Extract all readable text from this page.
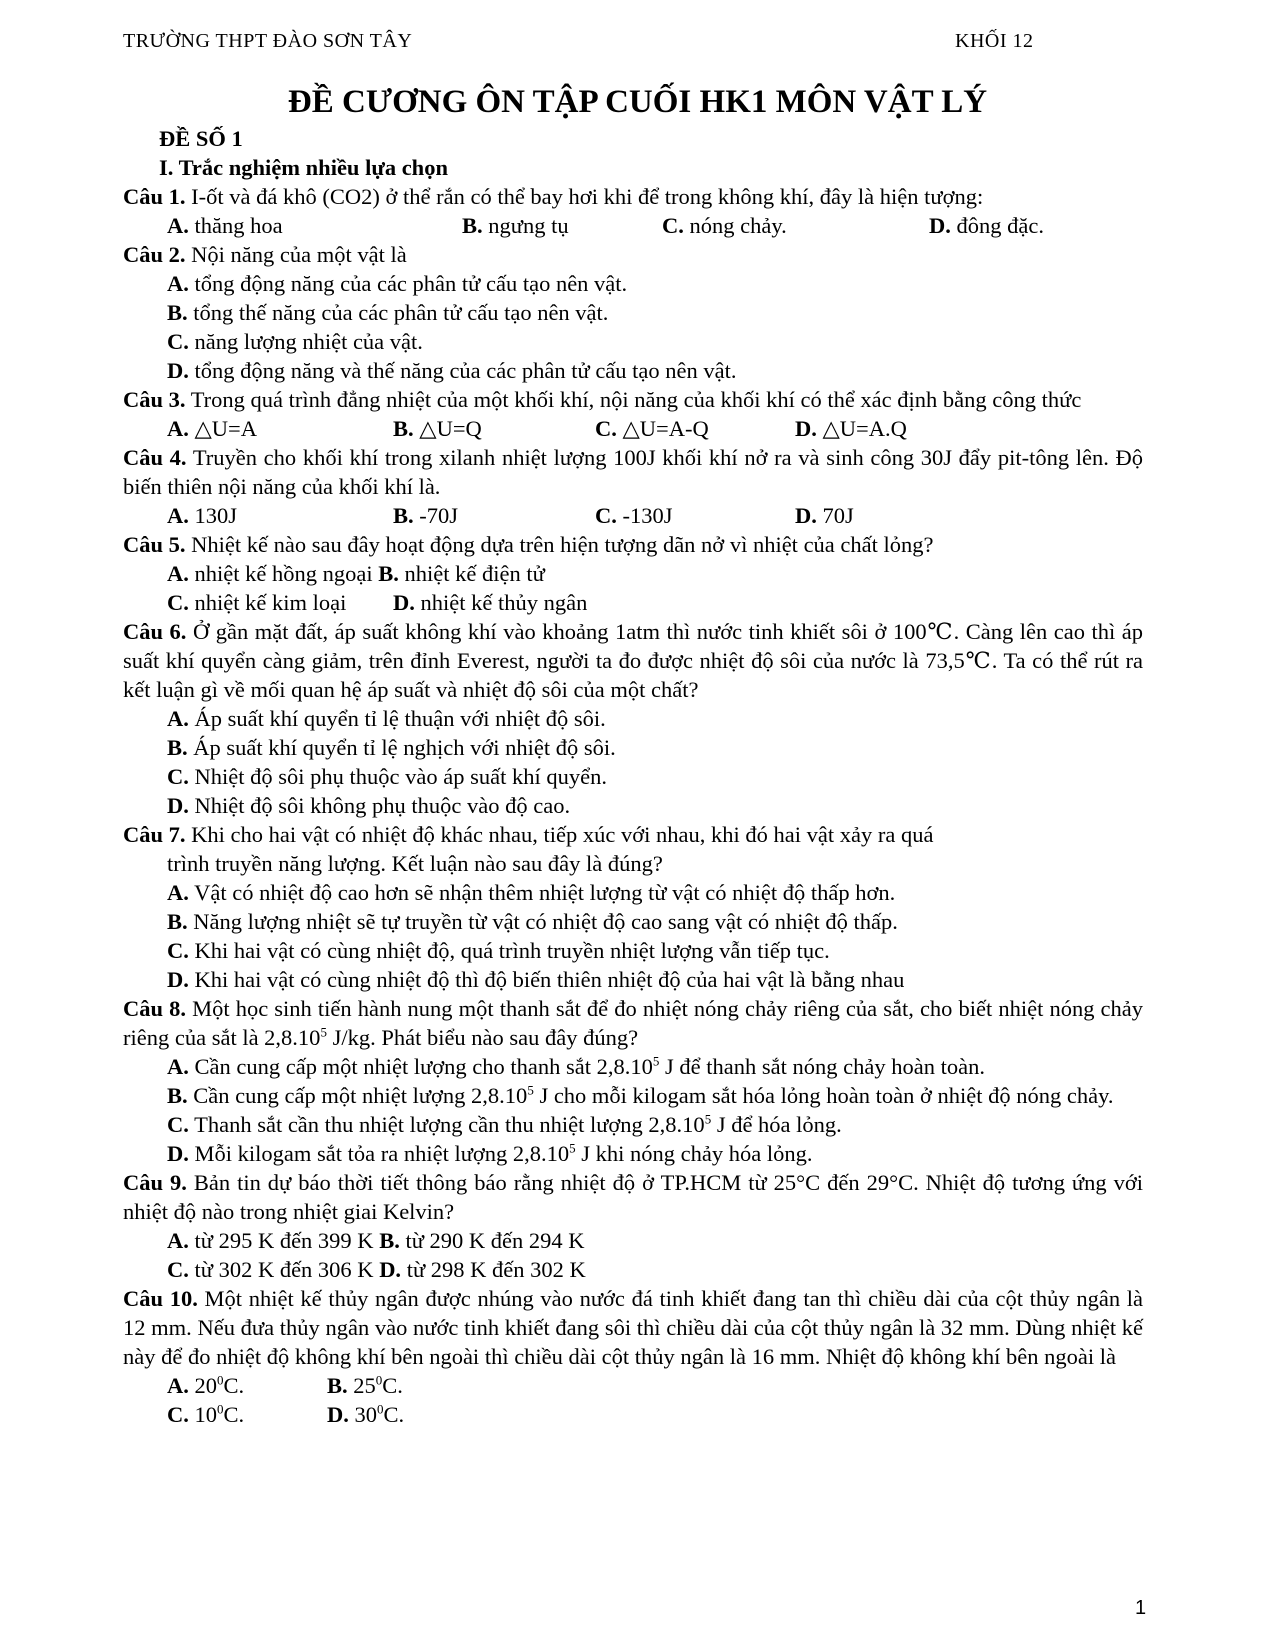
TRƯỜNG THPT ĐÀO SƠN TÂY	KHỐI 12
ĐỀ CƯƠNG ÔN TẬP CUỐI HK1 MÔN VẬT LÝ
ĐỀ SỐ 1
I. Trắc nghiệm nhiều lựa chọn
Câu 1. I-ốt và đá khô (CO2) ở thể rắn có thể bay hơi khi để trong không khí, đây là hiện tượng:
A. thăng hoa	B. ngưng tụ	C. nóng chảy.	D. đông đặc.
Câu 2. Nội năng của một vật là
A. tổng động năng của các phân tử cấu tạo nên vật.
B. tổng thế năng của các phân tử cấu tạo nên vật.
C. năng lượng nhiệt của vật.
D. tổng động năng và thế năng của các phân tử cấu tạo nên vật.
Câu 3. Trong quá trình đẳng nhiệt của một khối khí, nội năng của khối khí có thể xác định bằng công thức
A. △U=A	B. △U=Q	C. △U=A-Q	D. △U=A.Q
Câu 4. Truyền cho khối khí trong xilanh nhiệt lượng 100J khối khí nở ra và sinh công 30J đẩy pit-tông lên. Độ biến thiên nội năng của khối khí là.
A. 130J	B. -70J	C. -130J	D. 70J
Câu 5. Nhiệt kế nào sau đây hoạt động dựa trên hiện tượng dãn nở vì nhiệt của chất lỏng?
A. nhiệt kế hồng ngoại B. nhiệt kế điện tử
C. nhiệt kế kim loại D. nhiệt kế thủy ngân
Câu 6. Ở gần mặt đất, áp suất không khí vào khoảng 1atm thì nước tinh khiết sôi ở 100℃. Càng lên cao thì áp suất khí quyển càng giảm, trên đỉnh Everest, người ta đo được nhiệt độ sôi của nước là 73,5℃. Ta có thể rút ra kết luận gì về mối quan hệ áp suất và nhiệt độ sôi của một chất?
A. Áp suất khí quyển tỉ lệ thuận với nhiệt độ sôi.
B. Áp suất khí quyển tỉ lệ nghịch với nhiệt độ sôi.
C. Nhiệt độ sôi phụ thuộc vào áp suất khí quyển.
D. Nhiệt độ sôi không phụ thuộc vào độ cao.
Câu 7. Khi cho hai vật có nhiệt độ khác nhau, tiếp xúc với nhau, khi đó hai vật xảy ra quá
trình truyền năng lượng. Kết luận nào sau đây là đúng?
A. Vật có nhiệt độ cao hơn sẽ nhận thêm nhiệt lượng từ vật có nhiệt độ thấp hơn.
B. Năng lượng nhiệt sẽ tự truyền từ vật có nhiệt độ cao sang vật có nhiệt độ thấp.
C. Khi hai vật có cùng nhiệt độ, quá trình truyền nhiệt lượng vẫn tiếp tục.
D. Khi hai vật có cùng nhiệt độ thì độ biến thiên nhiệt độ của hai vật là bằng nhau
Câu 8. Một học sinh tiến hành nung một thanh sắt để đo nhiệt nóng chảy riêng của sắt, cho biết nhiệt nóng chảy riêng của sắt là 2,8.10$^5$ J/kg. Phát biểu nào sau đây đúng?
A. Cần cung cấp một nhiệt lượng cho thanh sắt 2,8.10$^5$ J để thanh sắt nóng chảy hoàn toàn.
B. Cần cung cấp một nhiệt lượng 2,8.10$^5$ J cho mỗi kilogam sắt hóa lỏng hoàn toàn ở nhiệt độ nóng chảy.
C. Thanh sắt cần thu nhiệt lượng cần thu nhiệt lượng 2,8.10$^5$ J để hóa lỏng.
D. Mỗi kilogam sắt tỏa ra nhiệt lượng 2,8.10$^5$ J khi nóng chảy hóa lỏng.
Câu 9. Bản tin dự báo thời tiết thông báo rằng nhiệt độ ở TP.HCM từ 25°C đến 29°C. Nhiệt độ tương ứng với nhiệt độ nào trong nhiệt giai Kelvin?
A. từ 295 K đến 399 K B. từ 290 K đến 294 K
C. từ 302 K đến 306 K D. từ 298 K đến 302 K
Câu 10. Một nhiệt kế thủy ngân được nhúng vào nước đá tinh khiết đang tan thì chiều dài của cột thủy ngân là 12 mm. Nếu đưa thủy ngân vào nước tinh khiết đang sôi thì chiều dài của cột thủy ngân là 32 mm. Dùng nhiệt kế này để đo nhiệt độ không khí bên ngoài thì chiều dài cột thủy ngân là 16 mm. Nhiệt độ không khí bên ngoài là
A. $20^0C$.	B. $25^0C$.
C. $10^0C$.	D. $30^0C$.
1
